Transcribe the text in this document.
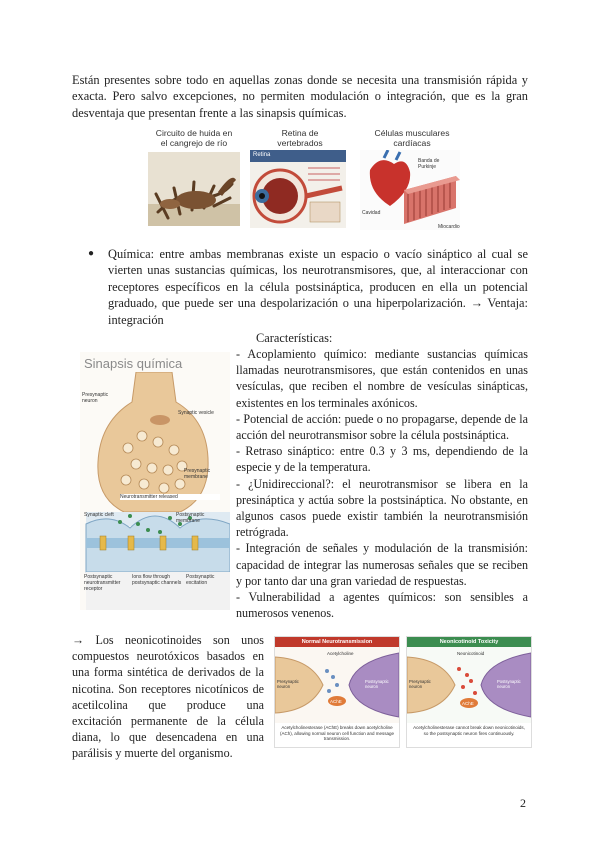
Están presentes sobre todo en aquellas zonas donde se necesita una transmisión rápida y
exacta. Pero salvo excepciones, no permiten modulación o integración, que es la gran
desventaja que presentan frente a las sinapsis químicas.
Circuito de huida en
el cangrejo de río
Retina de
vertebrados
Células musculares
cardíacas
Retina
Banda de Purkinje
Cavidad
Miocardio
● Química: entre ambas membranas existe un espacio o vacío sináptico al cual se
vierten unas sustancias químicas, los neurotransmisores, que, al interaccionar con
receptores específicos en la célula postsináptica, producen en ella un potencial
graduado, que puede ser una despolarización o una hiperpolarización. → Ventaja:
integración
Sinapsis química
Presynaptic neuron
Synaptic vesicle
Presynaptic membrane
Neurotransmitter released
Synaptic cleft	Postsynaptic membrane
Postsynaptic neurotransmitter receptor
Ions flow through postsynaptic channels
Postsynaptic excitation
Características:
- Acoplamiento químico: mediante sustancias químicas
llamadas neurotransmisores, que están contenidos en unas
vesículas, que reciben el nombre de vesículas sinápticas,
existentes en los terminales axónicos.
- Potencial de acción: puede o no propagarse, depende de la
acción del neurotransmisor sobre la célula postsináptica.
- Retraso sináptico: entre 0.3 y 3 ms, dependiendo de la
especie y de la temperatura.
- ¿Unidireccional?: el neurotransmisor se libera en la
presináptica y actúa sobre la postsináptica. No obstante, en
algunos casos puede existir también la neurotransmisión
retrógrada.
- Integración de señales y modulación de la transmisión:
capacidad de integrar las numerosas señales que se reciben
y por tanto dar una gran variedad de respuestas.
- Vulnerabilidad a agentes químicos: son sensibles a
numerosos venenos.
→ Los neonicotinoides son unos
compuestos neurotóxicos basados en
una forma sintética de derivados de la
nicotina. Son receptores nicotínicos de
acetilcolina que produce una
excitación permanente de la célula
diana, lo que desencadena en una
parálisis y muerte del organismo.
Normal Neurotransmission
Acetylcholine
Presynaptic neuron
Postsynaptic neuron
AChE
Acetylcholinesterase (AChE) breaks down acetylcholine (ACh), allowing normal neuron cell function and message transmission.
Neonicotinoid Toxicity
Neonicotinoid
Presynaptic neuron
Postsynaptic neuron
AChE
Acetylcholinesterase cannot break down neonicotinoids, so the postsynaptic neuron fires continuously.
2
